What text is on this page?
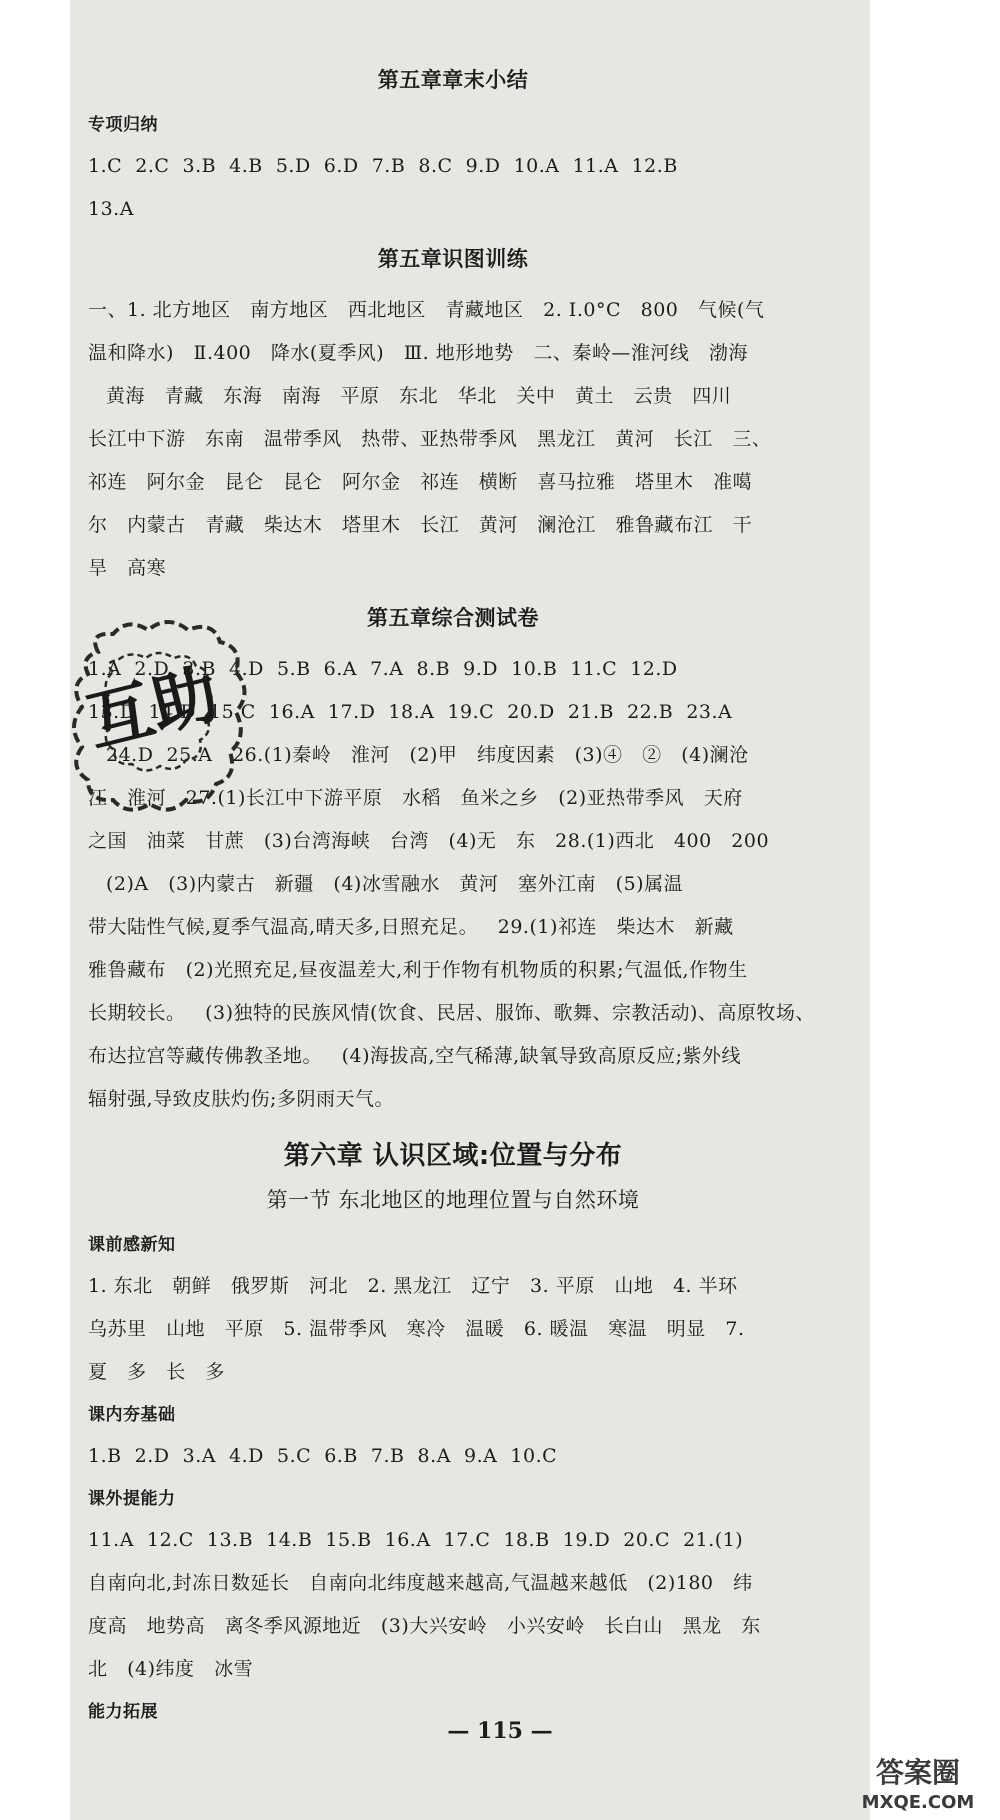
第五章章末小结
专项归纳
1.C  2.C  3.B  4.B  5.D  6.D  7.B  8.C  9.D  10.A  11.A  12.B
13.A
第五章识图训练
一、1. 北方地区   南方地区   西北地区   青藏地区   2. Ⅰ.0°C   800   气候(气
温和降水)   Ⅱ.400   降水(夏季风)   Ⅲ. 地形地势   二、秦岭—淮河线   渤海
黄海   青藏   东海   南海   平原   东北   华北   关中   黄土   云贵   四川
长江中下游   东南   温带季风   热带、亚热带季风   黑龙江   黄河   长江   三、
祁连   阿尔金   昆仑   昆仑   阿尔金   祁连   横断   喜马拉雅   塔里木   准噶
尔   内蒙古   青藏   柴达木   塔里木   长江   黄河   澜沧江   雅鲁藏布江   干
旱   高寒
第五章综合测试卷
1.A  2.D  3.B  4.D  5.B  6.A  7.A  8.B  9.D  10.B  11.C  12.D
13.D  14.D  15.C  16.A  17.D  18.A  19.C  20.D  21.B  22.B  23.A
24.D  25.A   26.(1)秦岭   淮河   (2)甲   纬度因素   (3)④   ②   (4)澜沧
江   淮河   27.(1)长江中下游平原   水稻   鱼米之乡   (2)亚热带季风   天府
之国   油菜   甘蔗   (3)台湾海峡   台湾   (4)无   东   28.(1)西北   400   200
(2)A   (3)内蒙古   新疆   (4)冰雪融水   黄河   塞外江南   (5)属温
带大陆性气候,夏季气温高,晴天多,日照充足。   29.(1)祁连   柴达木   新藏
雅鲁藏布   (2)光照充足,昼夜温差大,利于作物有机物质的积累;气温低,作物生
长期较长。   (3)独特的民族风情(饮食、民居、服饰、歌舞、宗教活动)、高原牧场、
布达拉宫等藏传佛教圣地。   (4)海拔高,空气稀薄,缺氧导致高原反应;紫外线
辐射强,导致皮肤灼伤;多阴雨天气。
第六章 认识区域:位置与分布
第一节 东北地区的地理位置与自然环境
课前感新知
1. 东北   朝鲜   俄罗斯   河北   2. 黑龙江   辽宁   3. 平原   山地   4. 半环
乌苏里   山地   平原   5. 温带季风   寒冷   温暖   6. 暖温   寒温   明显   7.
夏   多   长   多
课内夯基础
1.B  2.D  3.A  4.D  5.C  6.B  7.B  8.A  9.A  10.C
课外提能力
11.A  12.C  13.B  14.B  15.B  16.A  17.C  18.B  19.D  20.C  21.(1)
自南向北,封冻日数延长   自南向北纬度越来越高,气温越来越低   (2)180   纬
度高   地势高   离冬季风源地近   (3)大兴安岭   小兴安岭   长白山   黑龙   东
北   (4)纬度   冰雪
能力拓展
— 115 —
互助
答案圈
MXQE.COM
